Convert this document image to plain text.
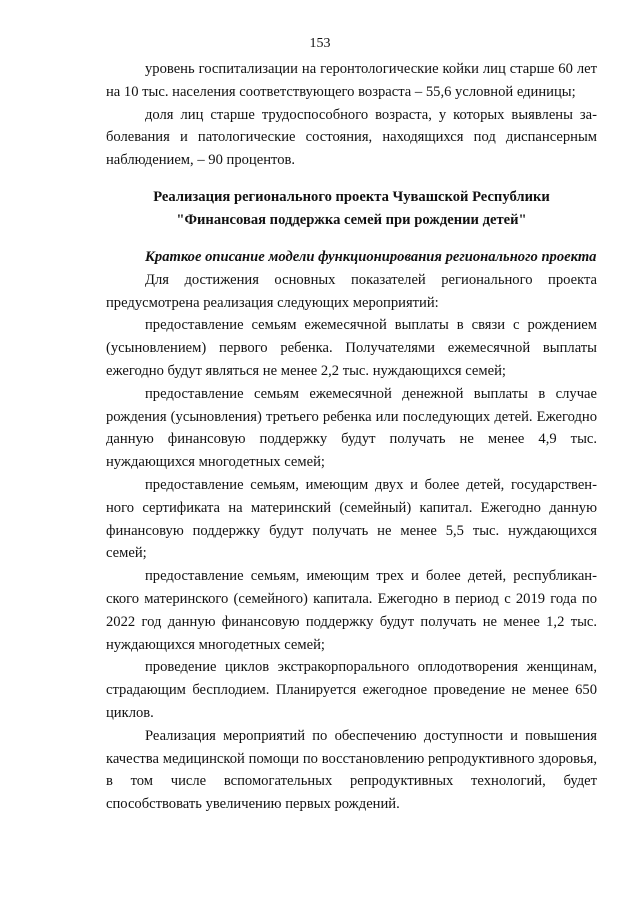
153

уровень госпитализации на геронтологические койки лиц старше 60 лет на 10 тыс. населения соответствующего возраста – 55,6 условной единицы;

доля лиц старше трудоспособного возраста, у которых выявлены заболевания и патологические состояния, находящихся под диспансерным наблюдением, – 90 процентов.

Реализация регионального проекта Чувашской Республики
"Финансовая поддержка семей при рождении детей"

Краткое описание модели функционирования регионального проекта

Для достижения основных показателей регионального проекта предусмотрена реализация следующих мероприятий:

предоставление семьям ежемесячной выплаты в связи с рождением (усыновлением) первого ребенка. Получателями ежемесячной выплаты ежегодно будут являться не менее 2,2 тыс. нуждающихся семей;

предоставление семьям ежемесячной денежной выплаты в случае рождения (усыновления) третьего ребенка или последующих детей. Ежегодно данную финансовую поддержку будут получать не менее 4,9 тыс. нуждающихся многодетных семей;

предоставление семьям, имеющим двух и более детей, государственного сертификата на материнский (семейный) капитал. Ежегодно данную финансовую поддержку будут получать не менее 5,5 тыс. нуждающихся семей;

предоставление семьям, имеющим трех и более детей, республиканского материнского (семейного) капитала. Ежегодно в период с 2019 года по 2022 год данную финансовую поддержку будут получать не менее 1,2 тыс. нуждающихся многодетных семей;

проведение циклов экстракорпорального оплодотворения женщинам, страдающим бесплодием. Планируется ежегодное проведение не менее 650 циклов.

Реализация мероприятий по обеспечению доступности и повышения качества медицинской помощи по восстановлению репродуктивного здоровья, в том числе вспомогательных репродуктивных технологий, будет способствовать увеличению первых рождений.
